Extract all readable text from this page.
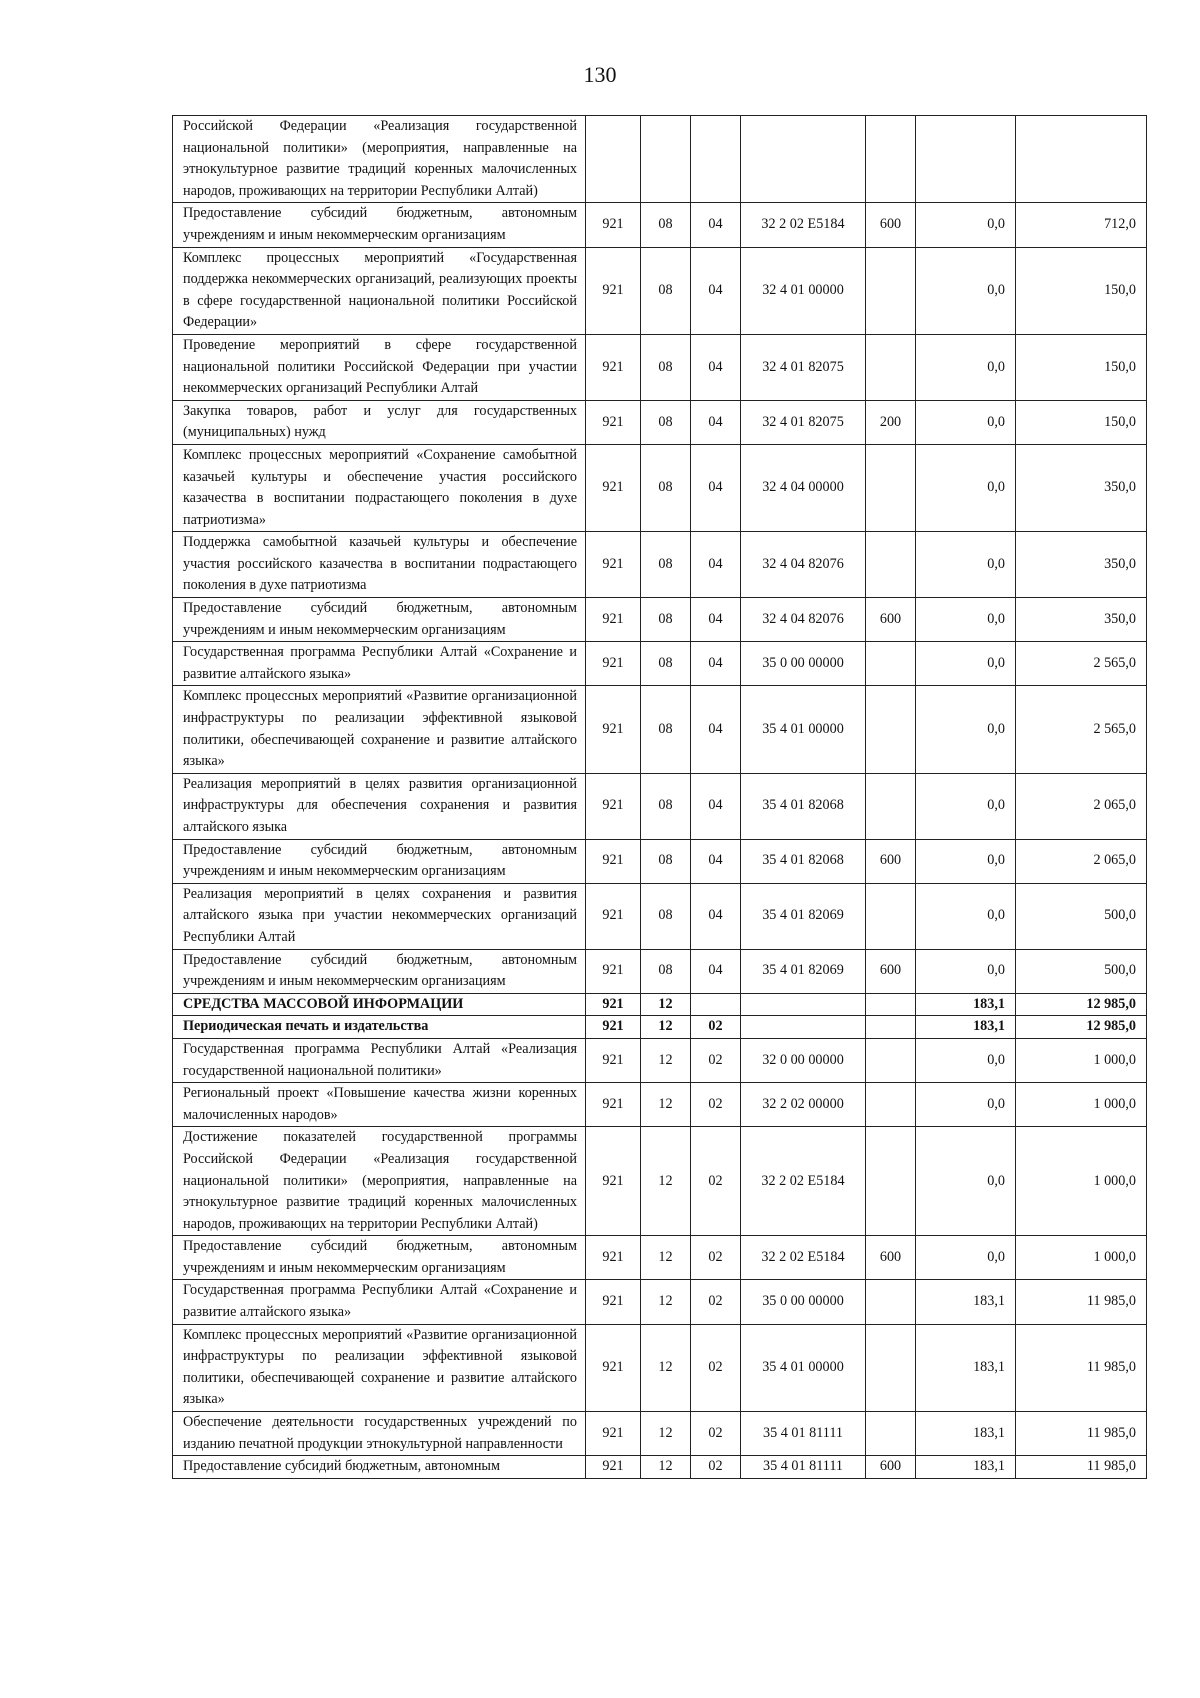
130
Российской Федерации «Реализация государственной национальной политики» (мероприятия, направленные на этнокультурное развитие традиций коренных малочисленных народов, проживающих на территории Республики Алтай)							
Предоставление субсидий бюджетным, автономным учреждениям и иным некоммерческим организациям	921	08	04	32 2 02 E5184	600	0,0	712,0
Комплекс процессных мероприятий «Государственная поддержка некоммерческих организаций, реализующих проекты в сфере государственной национальной политики Российской Федерации»	921	08	04	32 4 01 00000		0,0	150,0
Проведение мероприятий в сфере государственной национальной политики Российской Федерации при участии некоммерческих организаций Республики Алтай	921	08	04	32 4 01 82075		0,0	150,0
Закупка товаров, работ и услуг для государственных (муниципальных) нужд	921	08	04	32 4 01 82075	200	0,0	150,0
Комплекс процессных мероприятий «Сохранение самобытной казачьей культуры и обеспечение участия российского казачества в воспитании подрастающего поколения в духе патриотизма»	921	08	04	32 4 04 00000		0,0	350,0
Поддержка самобытной казачьей культуры и обеспечение участия российского казачества в воспитании подрастающего поколения в духе патриотизма	921	08	04	32 4 04 82076		0,0	350,0
Предоставление субсидий бюджетным, автономным учреждениям и иным некоммерческим организациям	921	08	04	32 4 04 82076	600	0,0	350,0
Государственная программа Республики Алтай «Сохранение и развитие алтайского языка»	921	08	04	35 0 00 00000		0,0	2 565,0
Комплекс процессных мероприятий «Развитие организационной инфраструктуры по реализации эффективной языковой политики, обеспечивающей сохранение и развитие алтайского языка»	921	08	04	35 4 01 00000		0,0	2 565,0
Реализация мероприятий в целях развития организационной инфраструктуры для обеспечения сохранения и развития алтайского языка	921	08	04	35 4 01 82068		0,0	2 065,0
Предоставление субсидий бюджетным, автономным учреждениям и иным некоммерческим организациям	921	08	04	35 4 01 82068	600	0,0	2 065,0
Реализация мероприятий в целях сохранения и развития алтайского языка при участии некоммерческих организаций Республики Алтай	921	08	04	35 4 01 82069		0,0	500,0
Предоставление субсидий бюджетным, автономным учреждениям и иным некоммерческим организациям	921	08	04	35 4 01 82069	600	0,0	500,0
СРЕДСТВА МАССОВОЙ ИНФОРМАЦИИ	921	12				183,1	12 985,0
Периодическая печать и издательства	921	12	02			183,1	12 985,0
Государственная программа Республики Алтай «Реализация государственной национальной политики»	921	12	02	32 0 00 00000		0,0	1 000,0
Региональный проект «Повышение качества жизни коренных малочисленных народов»	921	12	02	32 2 02 00000		0,0	1 000,0
Достижение показателей государственной программы Российской Федерации «Реализация государственной национальной политики» (мероприятия, направленные на этнокультурное развитие традиций коренных малочисленных народов, проживающих на территории Республики Алтай)	921	12	02	32 2 02 E5184		0,0	1 000,0
Предоставление субсидий бюджетным, автономным учреждениям и иным некоммерческим организациям	921	12	02	32 2 02 E5184	600	0,0	1 000,0
Государственная программа Республики Алтай «Сохранение и развитие алтайского языка»	921	12	02	35 0 00 00000		183,1	11 985,0
Комплекс процессных мероприятий «Развитие организационной инфраструктуры по реализации эффективной языковой политики, обеспечивающей сохранение и развитие алтайского языка»	921	12	02	35 4 01 00000		183,1	11 985,0
Обеспечение деятельности государственных учреждений по изданию печатной продукции этнокультурной направленности	921	12	02	35 4 01 81111		183,1	11 985,0
Предоставление субсидий бюджетным, автономным	921	12	02	35 4 01 81111	600	183,1	11 985,0
